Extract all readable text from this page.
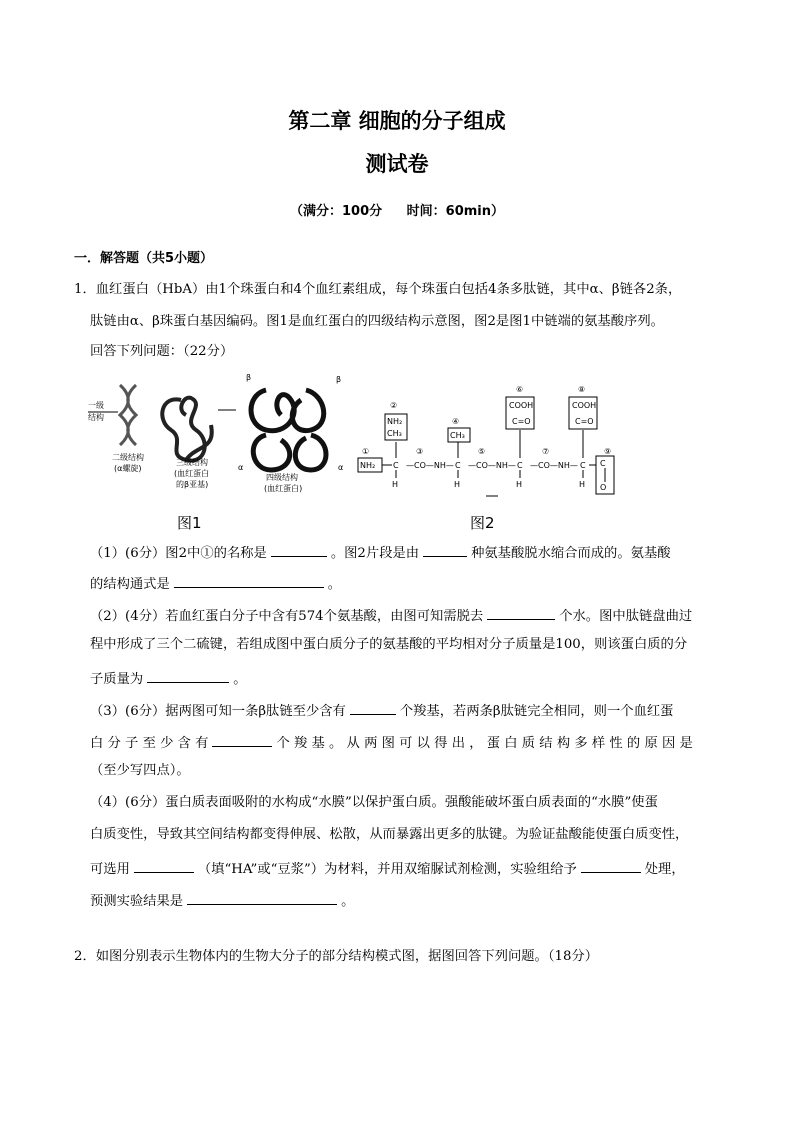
第二章 细胞的分子组成
测试卷
（满分：100分 时间：60min）
一．解答题（共5小题）
1．血红蛋白（HbA）由1个珠蛋白和4个血红素组成，每个珠蛋白包括4条多肽链，其中α、β链各2条，
肽链由α、β珠蛋白基因编码。图1是血红蛋白的四级结构示意图，图2是图1中链端的氨基酸序列。
回答下列问题：（22分）
一级
结构
二级结构
(α螺旋)
三级结构
(血红蛋白
的β亚基)
β	β
α	α
四级结构
(血红蛋白)
①
NH₂ C
H
②
NH₂
CH₃
—CO—NH—
③
C
H
④
CH₃
—CO—NH—
⑤
C
H
⑥
COOH
C=O
—CO—NH—
⑦
C
H
⑧
COOH
C=O
⑨
C
O
图1	图2
（1）(6分）图2中①的名称是	。图2片段是由	种氨基酸脱水缩合而成的。氨基酸
的结构通式是	。
（2）(4分）若血红蛋白分子中含有574个氨基酸，由图可知需脱去	个水。图中肽链盘曲过
程中形成了三个二硫键，若组成图中蛋白质分子的氨基酸的平均相对分子质量是100，则该蛋白质的分
子质量为	。
（3）(6分）据两图可知一条β肽链至少含有	个羧基，若两条β肽链完全相同，则一个血红蛋
白 分 子 至 少 含 有	个 羧 基 。 从 两 图 可 以 得 出 ， 蛋 白 质 结 构 多 样 性 的 原 因 是
（至少写四点）。
（4）(6分）蛋白质表面吸附的水构成“水膜”以保护蛋白质。强酸能破坏蛋白质表面的“水膜”使蛋
白质变性，导致其空间结构都变得伸展、松散，从而暴露出更多的肽键。为验证盐酸能使蛋白质变性，
可选用	（填“HA”或“豆浆”）为材料，并用双缩脲试剂检测，实验组给予	处理，
预测实验结果是	。
2．如图分别表示生物体内的生物大分子的部分结构模式图，据图回答下列问题。（18分）
